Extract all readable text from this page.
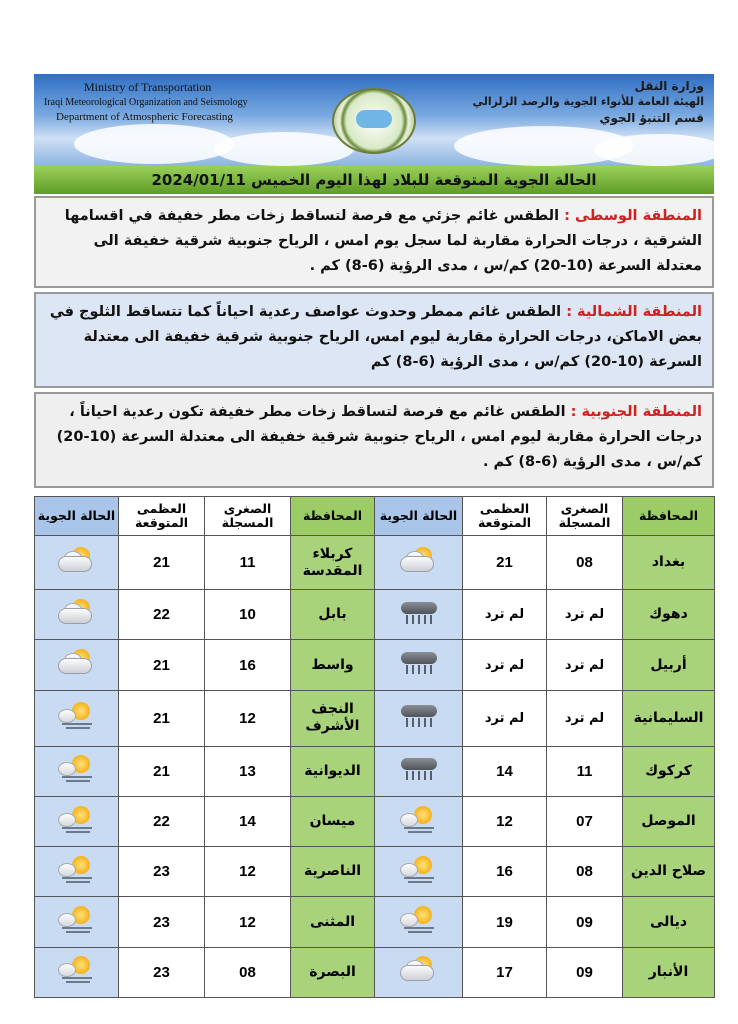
Ministry of Transportation
Iraqi Meteorological Organization and Seismology
Department of Atmospheric Forecasting
وزارة النقل
الهيئة العامة للأنواء الجوية والرصد الزلزالي
قسم التنبؤ الجوي
الحالة الجوية المتوقعة للبلاد لهذا اليوم الخميس 2024/01/11
المنطقة الوسطى : الطقس غائم جزئي مع فرصة لتساقط زخات مطر خفيفة في اقسامها الشرقية ، درجات الحرارة مقاربة لما سجل يوم امس ، الرياح جنوبية شرقية خفيفة الى معتدلة السرعة (10-20) كم/س ، مدى الرؤية (6-8) كم .
المنطقة الشمالية : الطقس غائم ممطر وحدوث عواصف رعدية احياناً كما تتساقط الثلوج في بعض الاماكن، درجات الحرارة مقاربة ليوم امس، الرياح جنوبية شرقية خفيفة الى معتدلة السرعة (10-20) كم/س ، مدى الرؤية (6-8) كم
المنطقة الجنوبية : الطقس غائم مع فرصة لتساقط زخات مطر خفيفة تكون رعدية احياناً ، درجات الحرارة مقاربة ليوم امس ، الرياح جنوبية شرقية خفيفة الى معتدلة السرعة (10-20) كم/س ، مدى الرؤية (6-8) كم .
المحافظة	الصغرى المسجلة	العظمى المتوقعة	الحالة الجوية	المحافظة	الصغرى المسجلة	العظمى المتوقعة	الحالة الجوية
بغداد	08	21		كربلاء المقدسة	11	21	

دهوك	لم ترد	لم ترد		بابل	10	22	

أربيل	لم ترد	لم ترد		واسط	16	21	

السليمانية	لم ترد	لم ترد		النجف الأشرف	12	21	

كركوك	11	14		الديوانية	13	21	

الموصل	07	12		ميسان	14	22	

صلاح الدين	08	16		الناصرية	12	23	

ديالى	09	19		المثنى	12	23	

الأنبار	09	17		البصرة	08	23	
